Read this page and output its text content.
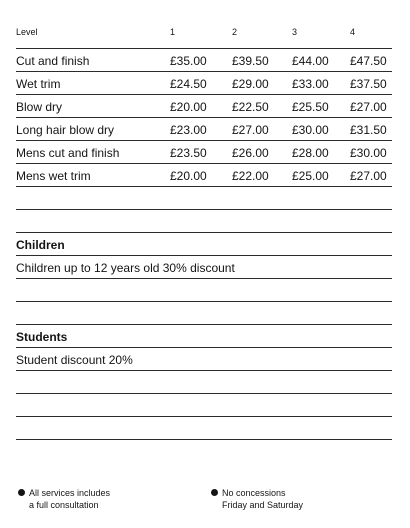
Level	1	2	3	4
Cut and finish	£35.00 £39.50 £44.00 £47.50
Wet trim	£24.50 £29.00 £33.00 £37.50
Blow dry	£20.00 £22.50 £25.50 £27.00
Long hair blow dry	£23.00 £27.00 £30.00 £31.50
Mens cut and finish	£23.50 £26.00 £28.00 £30.00
Mens wet trim	£20.00 £22.00 £25.00 £27.00
Children
Children up to 12 years old 30% discount
Students
Student discount 20%
All services includes
a full consultation
No concessions
Friday and Saturday
